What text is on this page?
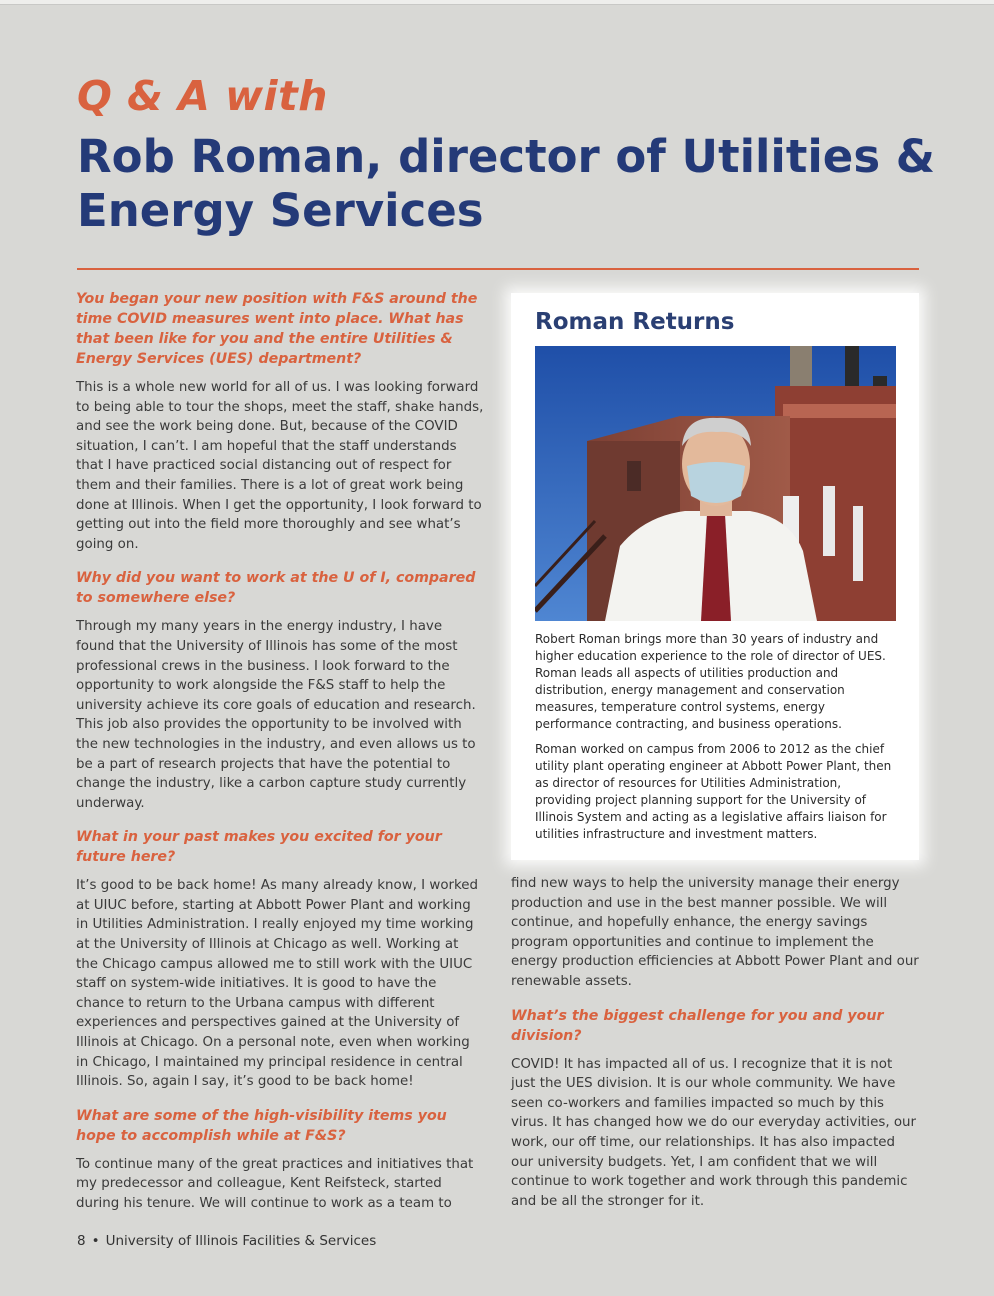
Q & A with
Rob Roman, director of Utilities & Energy Services

You began your new position with F&S around the time COVID measures went into place. What has that been like for you and the entire Utilities & Energy Services (UES) department?

This is a whole new world for all of us. I was looking forward to being able to tour the shops, meet the staff, shake hands, and see the work being done. But, because of the COVID situation, I can’t. I am hopeful that the staff understands that I have practiced social distancing out of respect for them and their families. There is a lot of great work being done at Illinois. When I get the opportunity, I look forward to getting out into the field more thoroughly and see what’s going on.

Why did you want to work at the U of I, compared to somewhere else?

Through my many years in the energy industry, I have found that the University of Illinois has some of the most professional crews in the business. I look forward to the opportunity to work alongside the F&S staff to help the university achieve its core goals of education and research. This job also provides the opportunity to be involved with the new technologies in the industry, and even allows us to be a part of research projects that have the potential to change the industry, like a carbon capture study currently underway.

What in your past makes you excited for your future here?

It’s good to be back home! As many already know, I worked at UIUC before, starting at Abbott Power Plant and working in Utilities Administration. I really enjoyed my time working at the University of Illinois at Chicago as well. Working at the Chicago campus allowed me to still work with the UIUC staff on system-wide initiatives. It is good to have the chance to return to the Urbana campus with different experiences and perspectives gained at the University of Illinois at Chicago. On a personal note, even when working in Chicago, I maintained my principal residence in central Illinois. So, again I say, it’s good to be back home!

What are some of the high-visibility items you hope to accomplish while at F&S?

To continue many of the great practices and initiatives that my predecessor and colleague, Kent Reifsteck, started during his tenure. We will continue to work as a team to

Roman Returns
Robert Roman brings more than 30 years of industry and higher education experience to the role of director of UES. Roman leads all aspects of utilities production and distribution, energy management and conservation measures, temperature control systems, energy performance contracting, and business operations.
Roman worked on campus from 2006 to 2012 as the chief utility plant operating engineer at Abbott Power Plant, then as director of resources for Utilities Administration, providing project planning support for the University of Illinois System and acting as a legislative affairs liaison for utilities infrastructure and investment matters.

find new ways to help the university manage their energy production and use in the best manner possible. We will continue, and hopefully enhance, the energy savings program opportunities and continue to implement the energy production efficiencies at Abbott Power Plant and our renewable assets.

What’s the biggest challenge for you and your division?

COVID! It has impacted all of us. I recognize that it is not just the UES division. It is our whole community. We have seen co-workers and families impacted so much by this virus. It has changed how we do our everyday activities, our work, our off time, our relationships. It has also impacted our university budgets. Yet, I am confident that we will continue to work together and work through this pandemic and be all the stronger for it.

8 • University of Illinois Facilities & Services
